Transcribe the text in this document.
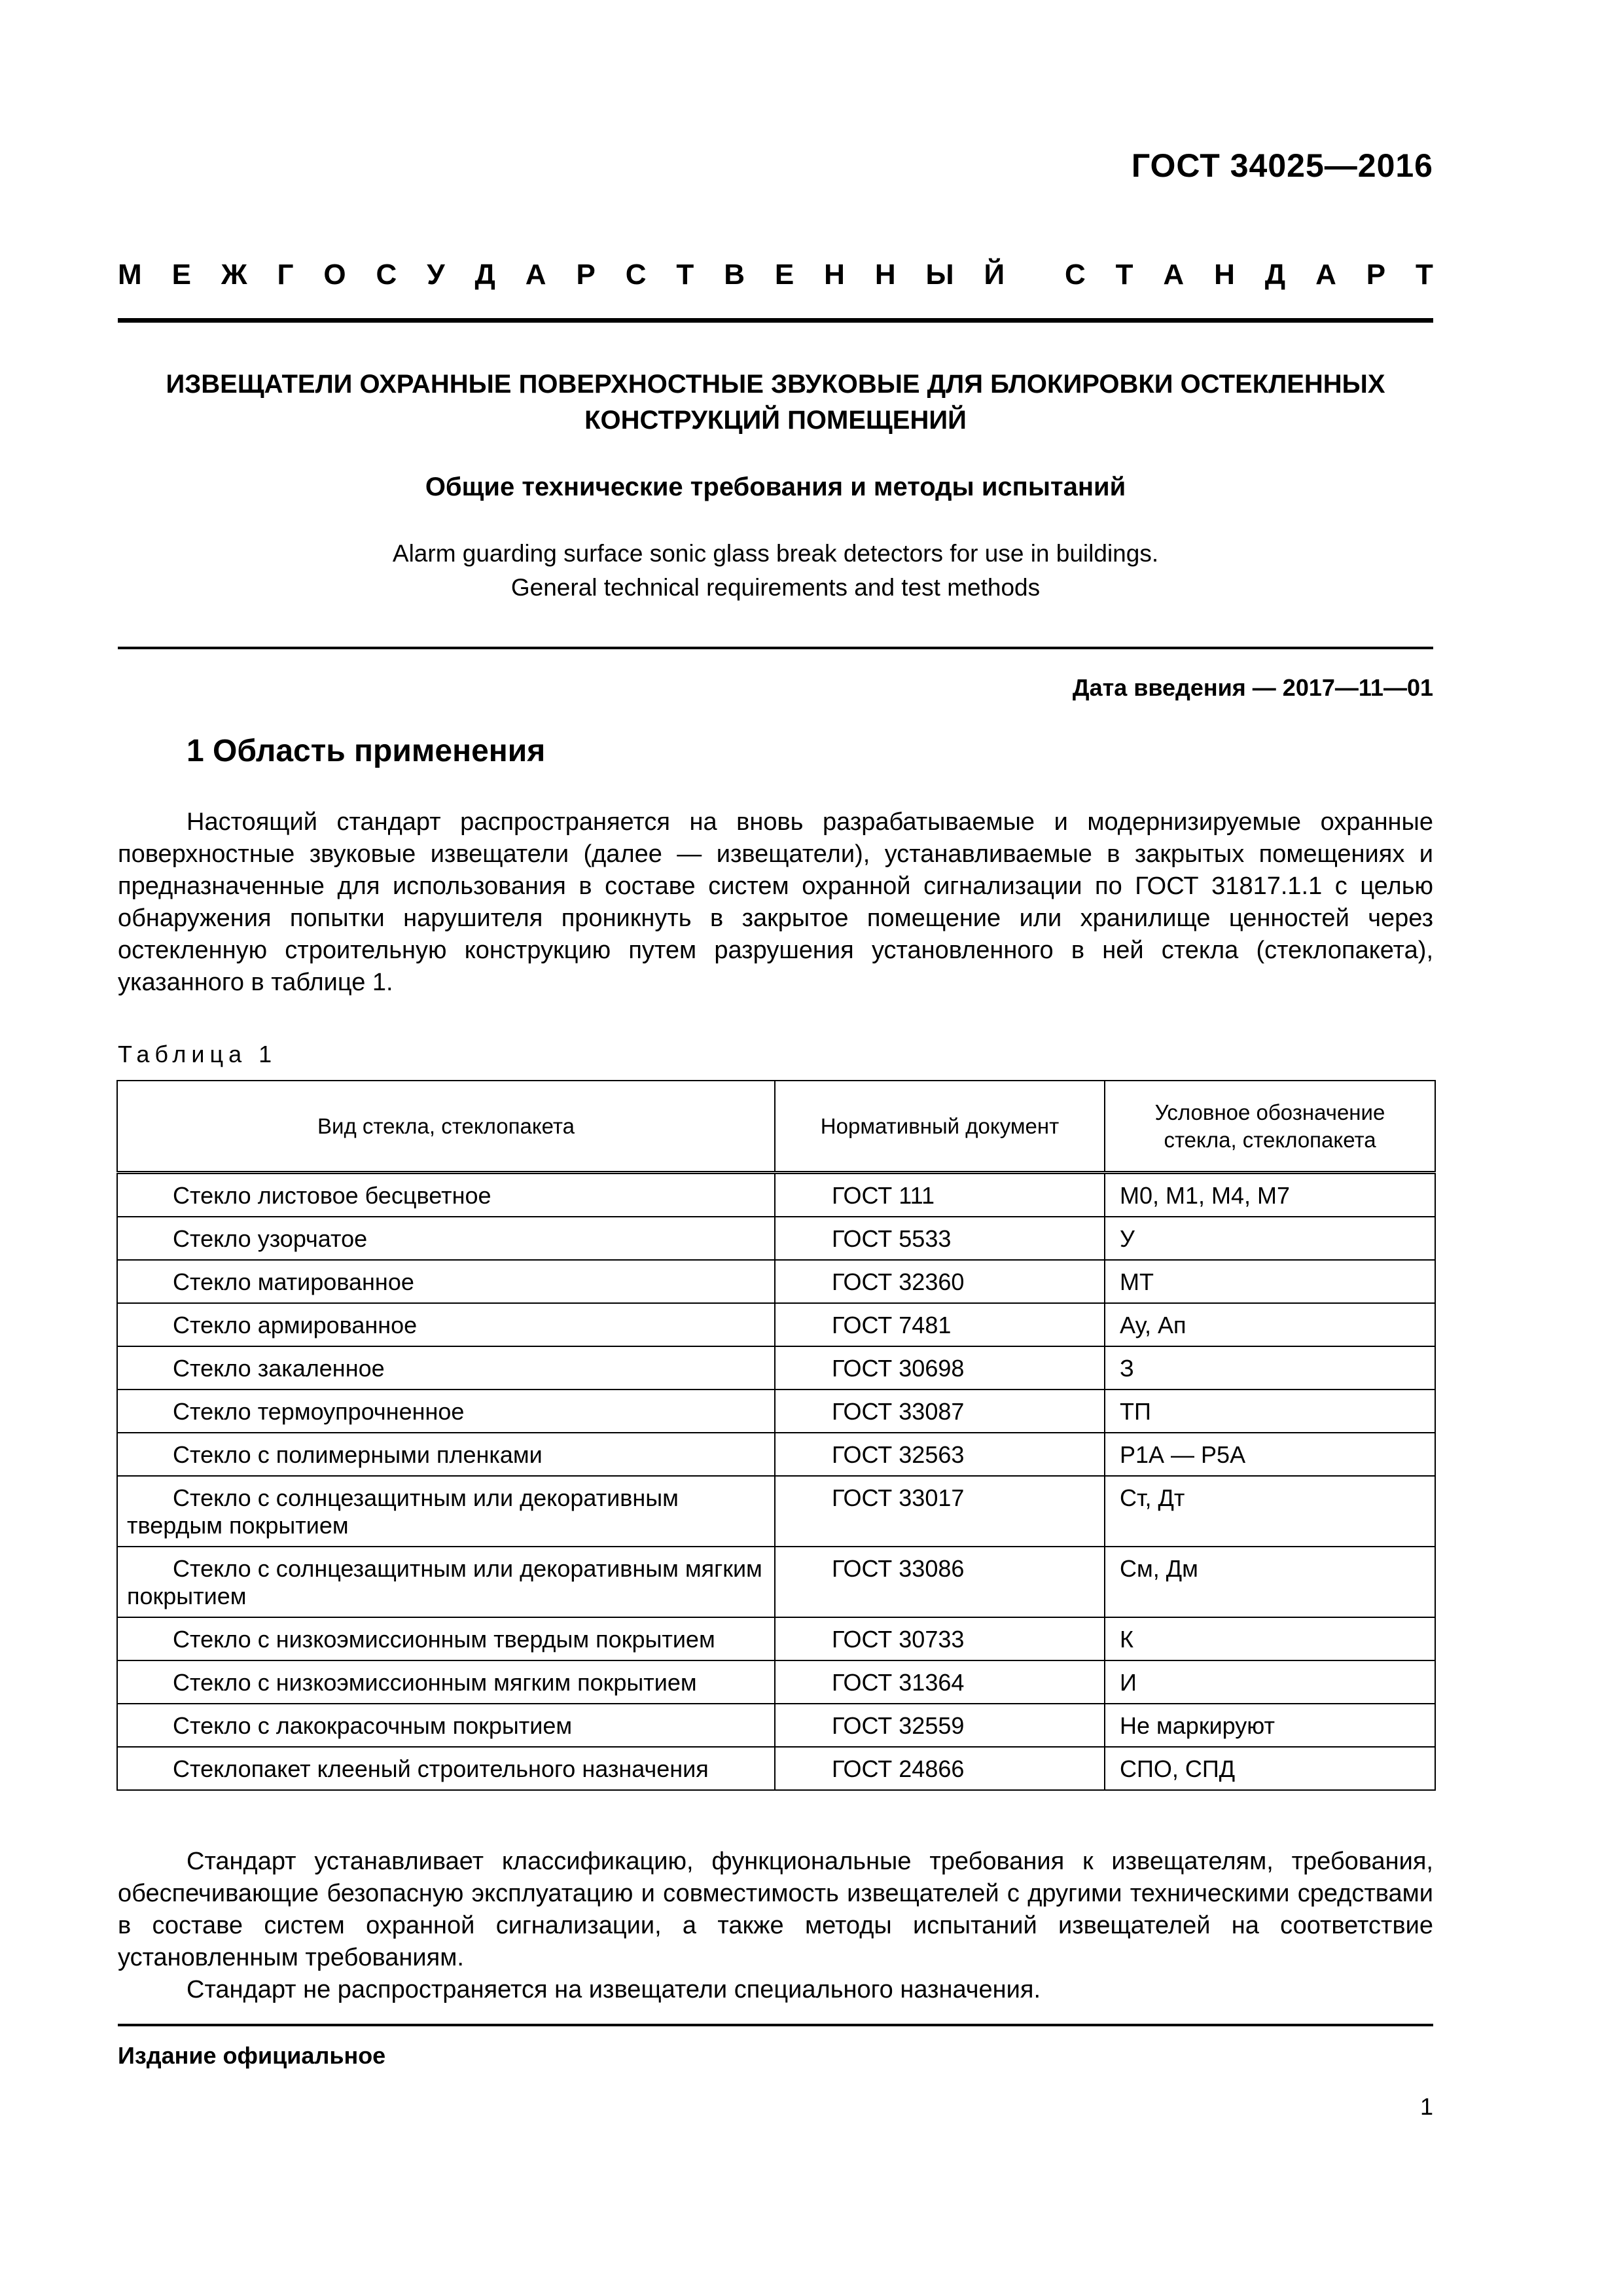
ГОСТ 34025—2016
М Е Ж Г О С У Д А Р С Т В Е Н Н Ы Й С Т А Н Д А Р Т
ИЗВЕЩАТЕЛИ ОХРАННЫЕ ПОВЕРХНОСТНЫЕ ЗВУКОВЫЕ ДЛЯ БЛОКИРОВКИ ОСТЕКЛЕННЫХ
КОНСТРУКЦИЙ ПОМЕЩЕНИЙ
Общие технические требования и методы испытаний
Alarm guarding surface sonic glass break detectors for use in buildings.
General technical requirements and test methods
Дата введения — 2017—11—01
1 Область применения
Настоящий стандарт распространяется на вновь разрабатываемые и модернизируемые охранные поверхностные звуковые извещатели (далее — извещатели), устанавливаемые в закрытых помещениях и предназначенные для использования в составе систем охранной сигнализации по ГОСТ 31817.1.1 с целью обнаружения попытки нарушителя проникнуть в закрытое помещение или хранилище ценностей через остекленную строительную конструкцию путем разрушения установленного в ней стекла (стеклопакета), указанного в таблице 1.
Таблица 1
Вид стекла, стеклопакета	Нормативный документ	Условное обозначение стекла, стеклопакета
Стекло листовое бесцветное	ГОСТ 111	М0, М1, М4, М7
Стекло узорчатое	ГОСТ 5533	У
Стекло матированное	ГОСТ 32360	МТ
Стекло армированное	ГОСТ 7481	Ау, Ап
Стекло закаленное	ГОСТ 30698	З
Стекло термоупрочненное	ГОСТ 33087	ТП
Стекло с полимерными пленками	ГОСТ 32563	Р1А — Р5А
Стекло с солнцезащитным или декоративным твердым покрытием	ГОСТ 33017	Ст, Дт
Стекло с солнцезащитным или декоративным мягким покрытием	ГОСТ 33086	См, Дм
Стекло с низкоэмиссионным твердым покрытием	ГОСТ 30733	К
Стекло с низкоэмиссионным мягким покрытием	ГОСТ 31364	И
Стекло с лакокрасочным покрытием	ГОСТ 32559	Не маркируют
Стеклопакет клееный строительного назначения	ГОСТ 24866	СПО, СПД
Стандарт устанавливает классификацию, функциональные требования к извещателям, требования, обеспечивающие безопасную эксплуатацию и совместимость извещателей с другими техническими средствами в составе систем охранной сигнализации, а также методы испытаний извещателей на соответствие установленным требованиям.
Стандарт не распространяется на извещатели специального назначения.
Издание официальное
1
